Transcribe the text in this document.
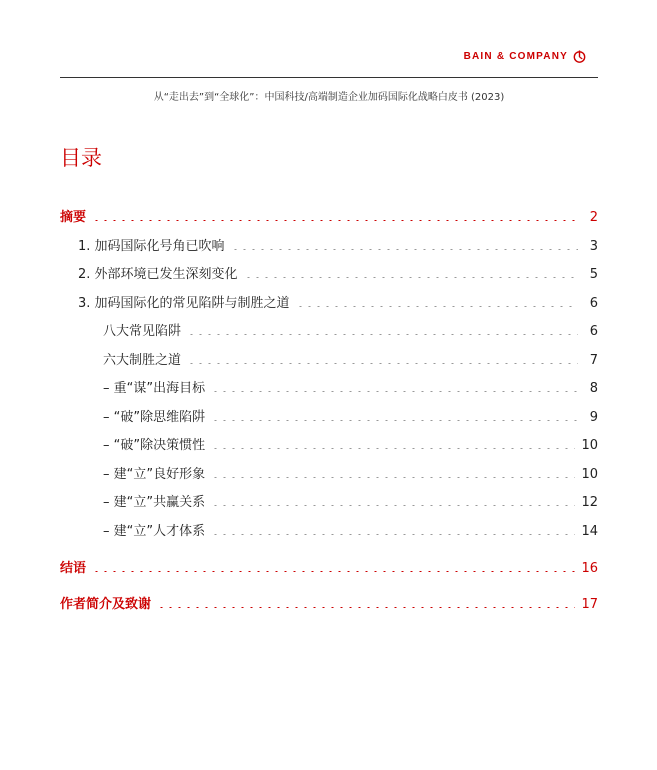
BAIN & COMPANY
从“走出去”到“全球化”：中国科技/高端制造企业加码国际化战略白皮书 (2023)
目录
摘要	2
1. 加码国际化号角已吹响	3
2. 外部环境已发生深刻变化	5
3. 加码国际化的常见陷阱与制胜之道	6
八大常见陷阱	6
六大制胜之道	7
– 重“谋”出海目标	8
– “破”除思维陷阱	9
– “破”除决策惯性	10
– 建“立”良好形象	10
– 建“立”共赢关系	12
– 建“立”人才体系	14
结语	16
作者简介及致谢	17
